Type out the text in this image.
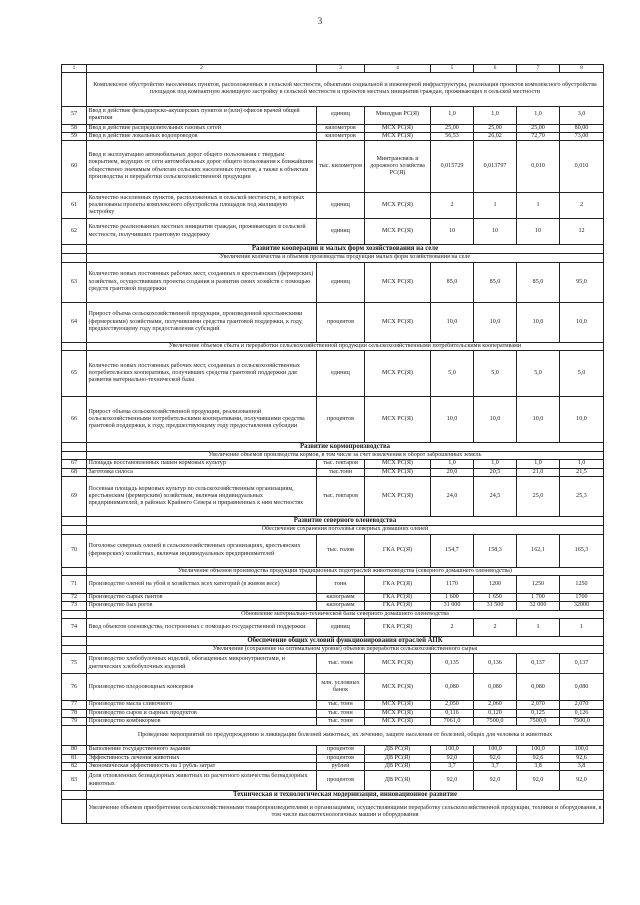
3
1	2	3	4	5	6	7	8
	Комплексное обустройство населенных пунктов, расположенных в сельской местности, объектами социальной и инженерной инфраструктуры, реализация проектов комплексного обустройства площадок под компактную жилищную застройку в сельской местности и проектов местных инициатив граждан, проживающих в сельской местности						
57	Ввод в действие фельдшерско-акушерских пунктов и (или) офисов врачей общей практики	единиц	Минздрав РС(Я)	1,0	1,0	1,0	3,0
58	Ввод в действие распределительных газовых сетей	километров	МСХ РС(Я)	25,00	25,00	25,00	80,00
59	Ввод в действие локальных водопроводов	километров	МСХ РС(Я)	56,53	26,02	72,70	73,00
60	Ввод в эксплуатацию автомобильных дорог общего пользования с твердым покрытием, ведущих от сети автомобильных дорог общего пользования к ближайшим общественно значимым объектам сельских населенных пунктов, а также к объектам производства и переработки сельскохозяйственной продукции	тыс. километров	Минтрансвязь и дорожного хозяйства РС(Я)	0,015729	0,013797	0,010	0,010
61	Количество населенных пунктов, расположенных в сельской местности, в которых реализованы проекты комплексного обустройства площадок под жилищную застройку	единиц	МСХ РС(Я)	2	1	1	2
62	Количество реализованных местных инициатив граждан, проживающих в сельской местности, получивших грантовую поддержку	единиц	МСХ РС(Я)	10	10	10	12
	Развитие кооперации и малых форм хозяйствования на селе						
	Увеличение количества и объемов производства продукции малых форм хозяйствования на селе						
63	Количество новых постоянных рабочих мест, созданных в крестьянских (фермерских) хозяйствах, осуществивших проекты создания и развития своих хозяйств с помощью средств грантовой поддержки	единиц	МСХ РС(Я)	85,0	85,0	85,0	95,0
64	Прирост объема сельскохозяйственной продукции, произведенной крестьянскими (фермерскими) хозяйствами, получившими средства грантовой поддержки, к году, предшествующему году предоставления субсидий	процентов	МСХ РС(Я)	10,0	10,0	10,0	10,0
	Увеличение объемов сбыта и переработки сельскохозяйственной продукции сельскохозяйственными потребительскими кооперативами						
65	Количество новых постоянных рабочих мест, созданных в сельскохозяйственных потребительских кооперативах, получивших средства грантовой поддержки для развития материально-технической базы	единиц	МСХ РС(Я)	5,0	5,0	5,0	5,0
66	Прирост объема сельскохозяйственной продукции, реализованной сельскохозяйственными потребительскими кооперативами, получившими средства грантовой поддержки, к году, предшествующему году предоставления субсидии	процентов	МСХ РС(Я)	10,0	10,0	10,0	10,0
	Развитие кормопроизводства						
	Увеличение объемов производства кормов, в том числе за счет вовлечения в оборот заброшенных земель						
67	Площадь восстановленных пашен кормовых культур	тыс. гектаров	МСХ РС(Я)	1,0	1,0	1,0	1,0
68	Заготовка силоса	тыс.тонн	МСХ РС(Я)	20,0	20,5	21,0	21,5
69	Посевная площадь кормовых культур по сельскохозяйственным организациям, крестьянским (фермерским) хозяйствам, включая индивидуальных предпринимателей, в районах Крайнего Севера и приравненных к ним местностях	тыс. гектаров	МСХ РС(Я)	24,0	24,5	25,0	25,3
	Развитие северного оленеводства						
	Обеспечение сохранения поголовья северных домашних оленей						
70	Поголовье северных оленей в сельскохозяйственных организациях, крестьянских (фермерских) хозяйствах, включая индивидуальных предпринимателей	тыс. голов	ГКА РС(Я)	154,7	158,3	162,1	165,3
	Увеличение объемов производства продукции традиционных подотраслей животноводства (северного домашнего оленеводства)						
71	Производство оленей на убой в хозяйствах всех категорий (в живом весе)	тонн	ГКА РС(Я)	1170	1200	1250	1250
72	Производство сырых пантов	килограмм	ГКА РС(Я)	1 600	1 650	1 700	1700
73	Производство бых рогов	килограмм	ГКА РС(Я)	31 000	31 500	32 000	32000
	Обновление материально-технической базы северного домашнего оленеводства						
74	Ввод объектов оленеводства, построенных с помощью государственной поддержки	единиц	ГКА РС(Я)	2	2	1	1
	Обеспечение общих условий функционирования отраслей АПК						
	Увеличение (сохранение на оптимальном уровне) объемов переработки сельскохозяйственного сырья						
75	Производство хлебобулочных изделий, обогащенных микронутриентами, и диетических хлебобулочных изделий	тыс. тонн	МСХ РС(Я)	0,135	0,136	0,137	0,137
76	Производство плодоовощных консервов	млн. условных банок	МСХ РС(Я)	0,080	0,080	0,080	0,080
77	Производство масла сливочного	тыс. тонн	МСХ РС(Я)	2,050	2,060	2,070	2,070
78	Производство сыров и сырных продуктов	тыс. тонн	МСХ РС(Я)	0,116	0,120	0,125	0,126
79	Производство комбикормов	тыс. тонн	МСХ РС(Я)	7061,0	7500,0	7500,0	7500,0
	Проведение мероприятий по предупреждению и ликвидации болезней животных, их лечению, защите населения от болезней, общих для человека и животных						
80	Выполнение государственного задания	процентов	ДВ РС(Я)	100,0	100,0	100,0	100,0
81	Эффективность лечения животных	процентов	ДВ РС(Я)	92,0	92,6	92,6	92,6
82	Экономическая эффективность на 1 рубль затрат	рублей	ДВ РС(Я)	3,7	3,7	3,8	3,8
83	Доля отловленных безнадзорных животных из расчетного количества безнадзорных животных	процентов	ДВ РС(Я)	92,0	92,0	92,0	92,0
	Техническая и технологическая модернизация, инновационное развитие						
	Увеличение объемов приобретения сельскохозяйственными товаропроизводителями и организациями, осуществляющими переработку сельскохозяйственной продукции, техники и оборудования, в том числе высокотехнологичных машин и оборудования						
